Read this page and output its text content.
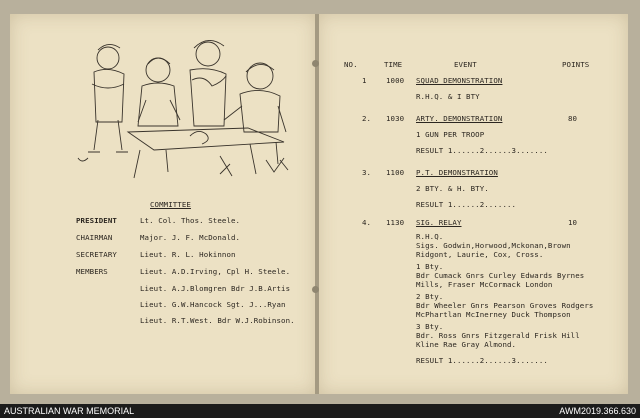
COMMITTEE
PRESIDENT	Lt. Col. Thos. Steele.
CHAIRMAN	Major. J. F. McDonald.
SECRETARY	Lieut. R. L. Hokinnon
MEMBERS	Lieut. A.D.Irving, Cpl H. Steele.
Lieut. A.J.Blomgren Bdr J.B.Artis
Lieut. G.W.Hancock Sgt. J...Ryan
Lieut. R.T.West. Bdr W.J.Robinson.
NO.	TIME	EVENT	POINTS
1	1000 SQUAD DEMONSTRATION
R.H.Q. & I BTY
2. 1030 ARTY. DEMONSTRATION	80
1 GUN PER TROOP
RESULT 1......2......3.......
3. 1100 P.T. DEMONSTRATION
2 BTY. & H. BTY.
RESULT 1......2.......
4. 1130 SIG. RELAY	10
R.H.Q.
Sigs. Godwin,Horwood,Mckonan,Brown
Ridgont, Laurie, Cox, Cross.
1 Bty.
Bdr Cumack Gnrs Curley Edwards Byrnes
Mills, Fraser McCormack London
2 Bty.
Bdr Wheeler Gnrs Pearson Groves Rodgers
McPhartlan McInerney Duck Thompson
3 Bty.
Bdr. Ross Gnrs Fitzgerald Frisk Hill
Kline Rae Gray Almond.
RESULT 1......2......3.......
AUSTRALIAN WAR MEMORIAL	AWM2019.366.630
